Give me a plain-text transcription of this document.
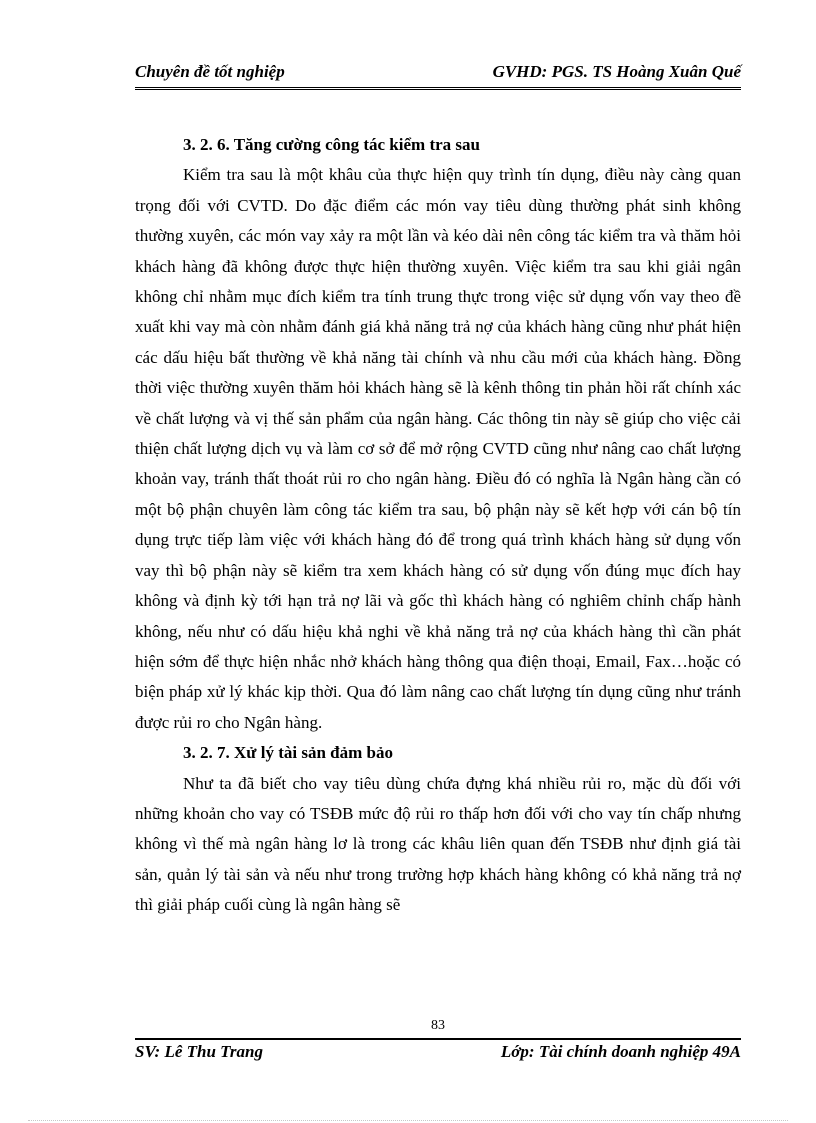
Chuyên đề tốt nghiệp	GVHD: PGS. TS Hoàng Xuân Quế
3. 2. 6. Tăng cường công tác kiểm tra sau

Kiểm tra sau là một khâu của thực hiện quy trình tín dụng, điều này càng quan trọng đối với CVTD. Do đặc điểm các món vay tiêu dùng thường phát sinh không thường xuyên, các món vay xảy ra một lần và kéo dài nên công tác kiểm tra và thăm hỏi khách hàng đã không được thực hiện thường xuyên. Việc kiểm tra sau khi giải ngân không chỉ nhằm mục đích kiểm tra tính trung thực trong việc sử dụng vốn vay theo đề xuất khi vay mà còn nhằm đánh giá khả năng trả nợ của khách hàng cũng như phát hiện các dấu hiệu bất thường về khả năng tài chính và nhu cầu mới của khách hàng. Đồng thời việc thường xuyên thăm hỏi khách hàng sẽ là kênh thông tin phản hồi rất chính xác về chất lượng và vị thế sản phẩm của ngân hàng. Các thông tin này sẽ giúp cho việc cải thiện chất lượng dịch vụ và làm cơ sở để mở rộng CVTD cũng như nâng cao chất lượng khoản vay, tránh thất thoát rủi ro cho ngân hàng. Điều đó có nghĩa là Ngân hàng cần có một bộ phận chuyên làm công tác kiểm tra sau, bộ phận này sẽ kết hợp với cán bộ tín dụng trực tiếp làm việc với khách hàng đó để trong quá trình khách hàng sử dụng vốn vay thì bộ phận này sẽ kiểm tra xem khách hàng có sử dụng vốn đúng mục đích hay không và định kỳ tới hạn trả nợ lãi và gốc thì khách hàng có nghiêm chỉnh chấp hành không, nếu như có dấu hiệu khả nghi về khả năng trả nợ của khách hàng thì cần phát hiện sớm để thực hiện nhắc nhở khách hàng thông qua điện thoại, Email, Fax…hoặc có biện pháp xử lý khác kịp thời. Qua đó làm nâng cao chất lượng tín dụng cũng như tránh được rủi ro cho Ngân hàng.

3. 2. 7. Xử lý tài sản đảm bảo

Như ta đã biết cho vay tiêu dùng chứa đựng khá nhiều rủi ro, mặc dù đối với những khoản cho vay có TSĐB mức độ rủi ro thấp hơn đối với cho vay tín chấp nhưng không vì thế mà ngân hàng lơ là trong các khâu liên quan đến TSĐB như định giá tài sản, quản lý tài sản và nếu như trong trường hợp khách hàng không có khả năng trả nợ thì giải pháp cuối cùng là ngân hàng sẽ

83
SV: Lê Thu Trang	Lớp: Tài chính doanh nghiệp 49A
